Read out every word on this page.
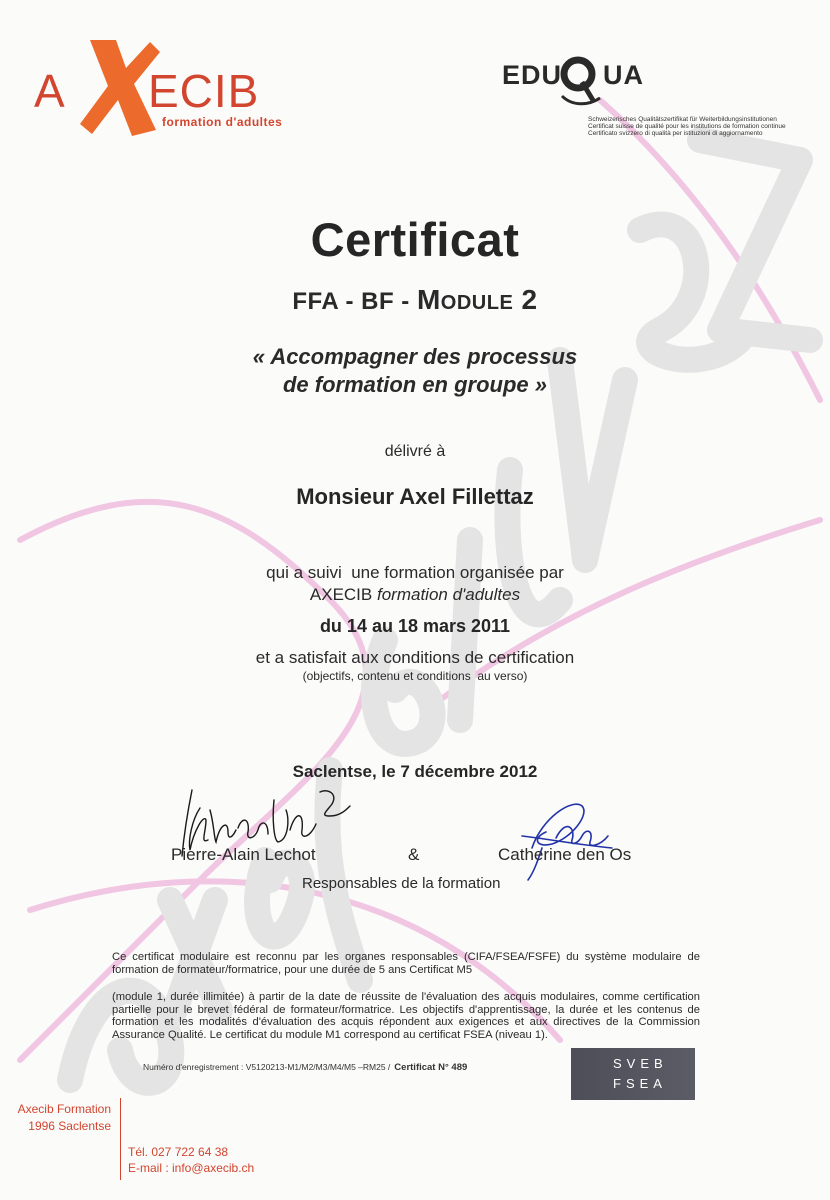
A ECIB
formation d'adultes
EDU UA
Schweizerisches Qualitätszertifikat für Weiterbildungsinstitutionen
Certificat suisse de qualité pour les institutions de formation continue
Certificato svizzero di qualità per istituzioni di aggiornamento
Certificat
FFA - BF - Module 2
« Accompagner des processus
de formation en groupe »
délivré à
Monsieur Axel Fillettaz
qui a suivi  une formation organisée par
AXECIB formation d'adultes
du 14 au 18 mars 2011
et a satisfait aux conditions de certification
(objectifs, contenu et conditions  au verso)
Saclentse, le 7 décembre 2012
Pierre-Alain Lechot	&	Catherine den Os
Responsables de la formation
Ce certificat modulaire est reconnu par les organes responsables (CIFA/FSEA/FSFE) du système modulaire de formation de formateur/formatrice, pour une durée de 5 ans Certificat M5
(module 1, durée illimitée) à partir de la date de réussite de l'évaluation des acquis modulaires, comme certification partielle pour le brevet fédéral de formateur/formatrice. Les objectifs d'apprentissage, la durée et les contenus de formation et les modalités d'évaluation des acquis répondent aux exigences et aux directives de la Commission Assurance Qualité. Le certificat du module M1 correspond au certificat FSEA (niveau 1).
Numéro d'enregistrement : V5120213-M1/M2/M3/M4/M5 –RM25 / Certificat N° 489	SVEB
FSEA
Axecib Formation
1996 Saclentse
Tél. 027 722 64 38
E-mail : info@axecib.ch
